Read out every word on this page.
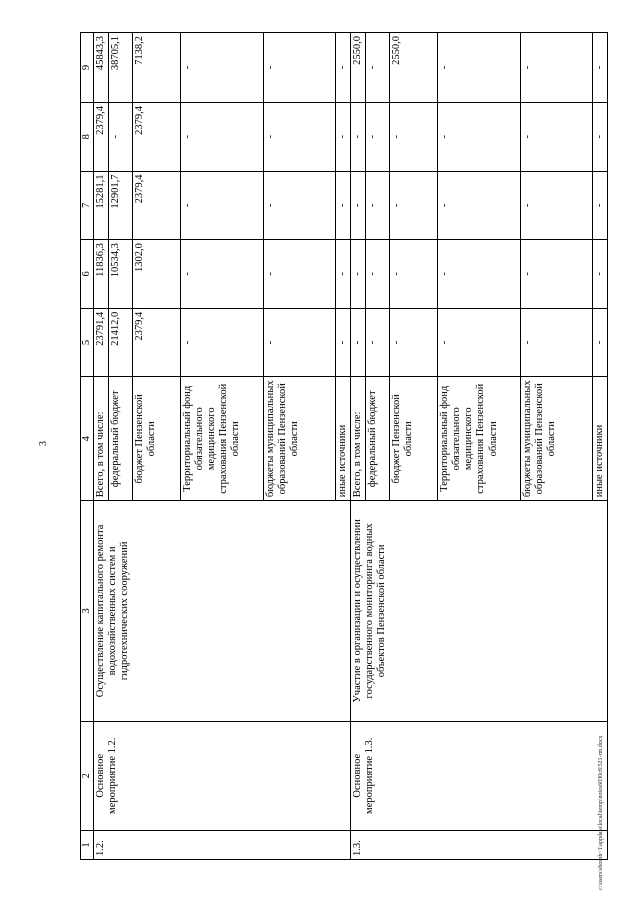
3
1	2	3	4	5	6	7	8	9
1.2.	Основное мероприятие 1.2.	Осуществление капитального ремонта водохозяйственных систем и гидротехнических сооружений	Всего, в том числе:	23791,4	11836,3	15281,1	2379,4	45843,3
			федеральный бюджет	21412,0	10534,3	12901,7	-	38705,1
			бюджет Пензенской области	2379,4	1302,0	2379,4	2379,4	7138,2
			Территориальный фонд обязательного медицинского страхования Пензенской области	-	-	-	-	-
			бюджеты муниципальных образований Пензенской области	-	-	-	-	-
			иные источники	-	-	-	-	-
1.3.	Основное мероприятие 1.3.	Участие в организации и осуществлении государственного мониторинга водных объектов Пензенской области	Всего, в том числе:	-	-	-	-	2550,0
			федеральный бюджет	-	-	-	-	-
			бюджет Пензенской области	-	-	-	-	2550,0
			Территориальный фонд обязательного медицинского страхования Пензенской области	-	-	-	-	-
			бюджеты муниципальных образований Пензенской области	-	-	-	-	-
			иные источники	-	-	-	-	-
c:\users\sboroh~1\appdata\local\temp\notes6030c8\521-rm.docx
